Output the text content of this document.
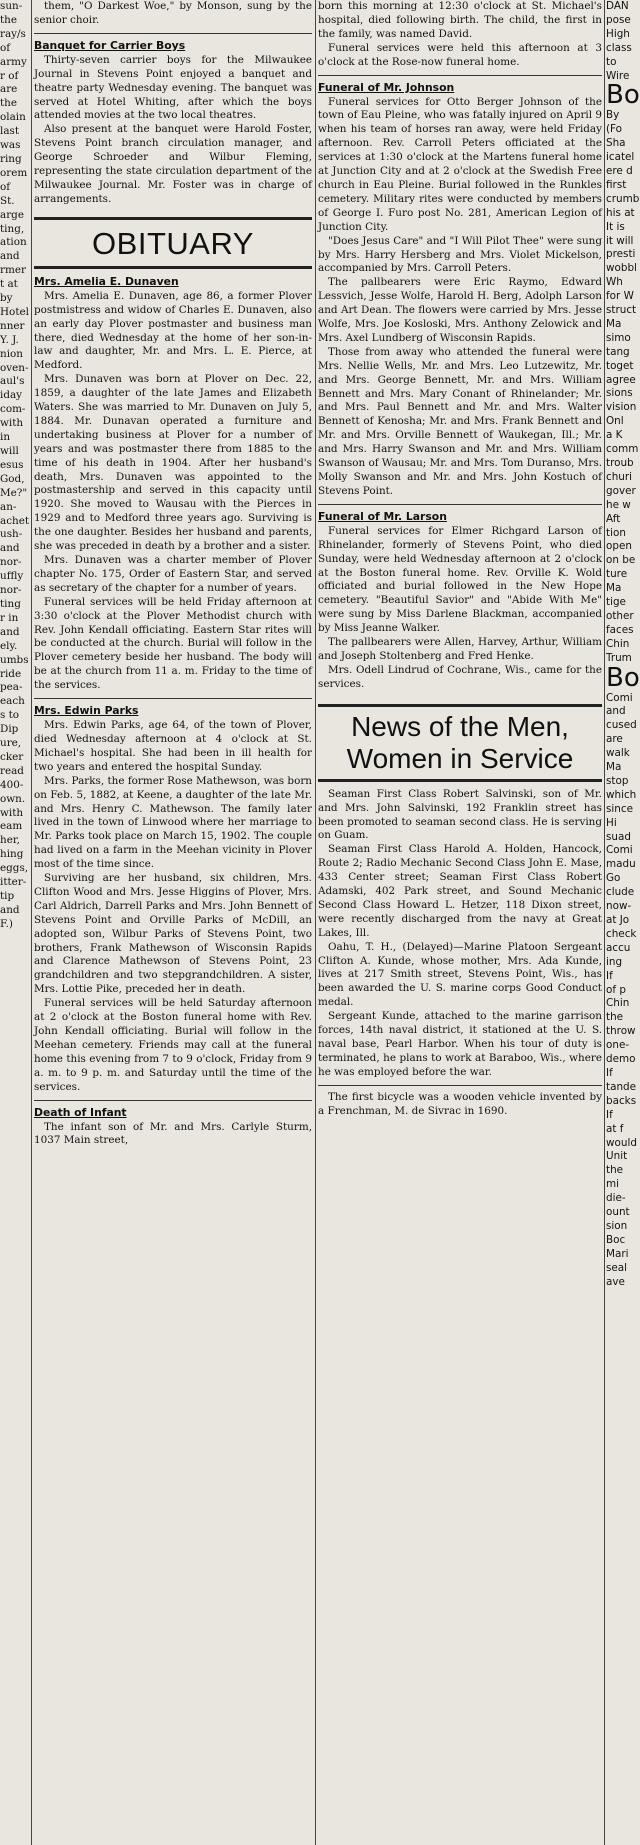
sun-
the
ray/s
of
army
r of
are
the
olain
last
was
ring
orem
of
St.
arge
ting,
ation
and
rmer
t at
by
Hotel
nner
Y. J.
nion
oven-
aul's
iday
com-
with
in
will
esus
God,
Me?"
an-
achet
ush-
and
nor-
uffly
nor-
ting
r in
and
ely.
umbs
ride
pea-
each
s to
Dip
ure,
cker
read
400-
own.
with
eam
her,
hing
eggs,
itter-
tip
and
F.)

them, "O Darkest Woe," by Monson, sung by the senior choir.

Banquet for Carrier Boys

Thirty-seven carrier boys for the Milwaukee Journal in Stevens Point enjoyed a banquet and theatre party Wednesday evening. The banquet was served at Hotel Whiting, after which the boys attended movies at the two local theatres.

Also present at the banquet were Harold Foster, Stevens Point branch circulation manager, and George Schroeder and Wilbur Fleming, representing the state circulation department of the Milwaukee Journal. Mr. Foster was in charge of arrangements.

OBITUARY
Mrs. Amelia E. Dunaven

Mrs. Amelia E. Dunaven, age 86, a former Plover postmistress and widow of Charles E. Dunaven, also an early day Plover postmaster and business man there, died Wednesday at the home of her son-in-law and daughter, Mr. and Mrs. L. E. Pierce, at Medford.

Mrs. Dunaven was born at Plover on Dec. 22, 1859, a daughter of the late James and Elizabeth Waters. She was married to Mr. Dunaven on July 5, 1884. Mr. Dunavan operated a furniture and undertaking business at Plover for a number of years and was postmaster there from 1885 to the time of his death in 1904. After her husband's death, Mrs. Dunaven was appointed to the postmastership and served in this capacity until 1920. She moved to Wausau with the Pierces in 1929 and to Medford three years ago. Surviving is the one daughter. Besides her husband and parents, she was preceded in death by a brother and a sister.

Mrs. Dunaven was a charter member of Plover chapter No. 175, Order of Eastern Star, and served as secretary of the chapter for a number of years.

Funeral services will be held Friday afternoon at 3:30 o'clock at the Plover Methodist church with Rev. John Kendall officiating. Eastern Star rites will be conducted at the church. Burial will follow in the Plover cemetery beside her husband. The body will be at the church from 11 a. m. Friday to the time of the services.

Mrs. Edwin Parks

Mrs. Edwin Parks, age 64, of the town of Plover, died Wednesday afternoon at 4 o'clock at St. Michael's hospital. She had been in ill health for two years and entered the hospital Sunday.

Mrs. Parks, the former Rose Mathewson, was born on Feb. 5, 1882, at Keene, a daughter of the late Mr. and Mrs. Henry C. Mathewson. The family later lived in the town of Linwood where her marriage to Mr. Parks took place on March 15, 1902. The couple had lived on a farm in the Meehan vicinity in Plover most of the time since.

Surviving are her husband, six children, Mrs. Clifton Wood and Mrs. Jesse Higgins of Plover, Mrs. Carl Aldrich, Darrell Parks and Mrs. John Bennett of Stevens Point and Orville Parks of McDill, an adopted son, Wilbur Parks of Stevens Point, two brothers, Frank Mathewson of Wisconsin Rapids and Clarence Mathewson of Stevens Point, 23 grandchildren and two stepgrandchildren. A sister, Mrs. Lottie Pike, preceded her in death.

Funeral services will be held Saturday afternoon at 2 o'clock at the Boston funeral home with Rev. John Kendall officiating. Burial will follow in the Meehan cemetery. Friends may call at the funeral home this evening from 7 to 9 o'clock, Friday from 9 a. m. to 9 p. m. and Saturday until the time of the services.

Death of Infant

The infant son of Mr. and Mrs. Carlyle Sturm, 1037 Main street,

born this morning at 12:30 o'clock at St. Michael's hospital, died following birth. The child, the first in the family, was named David.

Funeral services were held this afternoon at 3 o'clock at the Rose-now funeral home.

Funeral of Mr. Johnson

Funeral services for Otto Berger Johnson of the town of Eau Pleine, who was fatally injured on April 9 when his team of horses ran away, were held Friday afternoon. Rev. Carroll Peters officiated at the services at 1:30 o'clock at the Martens funeral home at Junction City and at 2 o'clock at the Swedish Free church in Eau Pleine. Burial followed in the Runkles cemetery. Military rites were conducted by members of George I. Furo post No. 281, American Legion of Junction City.

"Does Jesus Care" and "I Will Pilot Thee" were sung by Mrs. Harry Hersberg and Mrs. Violet Mickelson, accompanied by Mrs. Carroll Peters.

The pallbearers were Eric Raymo, Edward Lessvich, Jesse Wolfe, Harold H. Berg, Adolph Larson and Art Dean. The flowers were carried by Mrs. Jesse Wolfe, Mrs. Joe Kosloski, Mrs. Anthony Zelowick and Mrs. Axel Lundberg of Wisconsin Rapids.

Those from away who attended the funeral were Mrs. Nellie Wells, Mr. and Mrs. Leo Lutzewitz, Mr. and Mrs. George Bennett, Mr. and Mrs. William Bennett and Mrs. Mary Conant of Rhinelander; Mr. and Mrs. Paul Bennett and Mr. and Mrs. Walter Bennett of Kenosha; Mr. and Mrs. Frank Bennett and Mr. and Mrs. Orville Bennett of Waukegan, Ill.; Mr. and Mrs. Harry Swanson and Mr. and Mrs. William Swanson of Wausau; Mr. and Mrs. Tom Duranso, Mrs. Molly Swanson and Mr. and Mrs. John Kostuch of Stevens Point.

Funeral of Mr. Larson

Funeral services for Elmer Richgard Larson of Rhinelander, formerly of Stevens Point, who died Sunday, were held Wednesday afternoon at 2 o'clock at the Boston funeral home. Rev. Orville K. Wold officiated and burial followed in the New Hope cemetery. "Beautiful Savior" and "Abide With Me" were sung by Miss Darlene Blackman, accompanied by Miss Jeanne Walker.

The pallbearers were Allen, Harvey, Arthur, William and Joseph Stoltenberg and Fred Henke.

Mrs. Odell Lindrud of Cochrane, Wis., came for the services.

News of the Men,
Women in Service

Seaman First Class Robert Salvinski, son of Mr. and Mrs. John Salvinski, 192 Franklin street has been promoted to seaman second class. He is serving on Guam.

Seaman First Class Harold A. Holden, Hancock, Route 2; Radio Mechanic Second Class John E. Mase, 433 Center street; Seaman First Class Robert Adamski, 402 Park street, and Sound Mechanic Second Class Howard L. Hetzer, 118 Dixon street, were recently discharged from the navy at Great Lakes, Ill.

Oahu, T. H., (Delayed)—Marine Platoon Sergeant Clifton A. Kunde, whose mother, Mrs. Ada Kunde, lives at 217 Smith street, Stevens Point, Wis., has been awarded the U. S. marine corps Good Conduct medal.

Sergeant Kunde, attached to the marine garrison forces, 14th naval district, it stationed at the U. S. naval base, Pearl Harbor. When his tour of duty is terminated, he plans to work at Baraboo, Wis., where he was employed before the war.

The first bicycle was a wooden vehicle invented by a Frenchman, M. de Sivrac in 1690.

DAN
pose
High
class
to
Wire
Bo
By
(Fo
Sha
icatel
ere d
first
crumb
his at
It is
it will
presti
wobbl
Wh
for W
struct
Ma
simo
tang
toget
agree
sions
vision
Onl
a K
comm
troub
churi
gover
he w
Aft
tion
open
on be
ture
Ma
tige
other
faces
Chin
Trum
Bo
Comi
and
cused
are
walk
Ma
stop
which
since
Hi
suad
Comi
madu
Go
clude
now-
at Jo
check
accu
ing
If
of p
Chin
the
throw
one-
demo
If
tande
backs
If
at f
would
Unit
the
mi
die-
ount
sion
Boc
Mari
seal
ave
